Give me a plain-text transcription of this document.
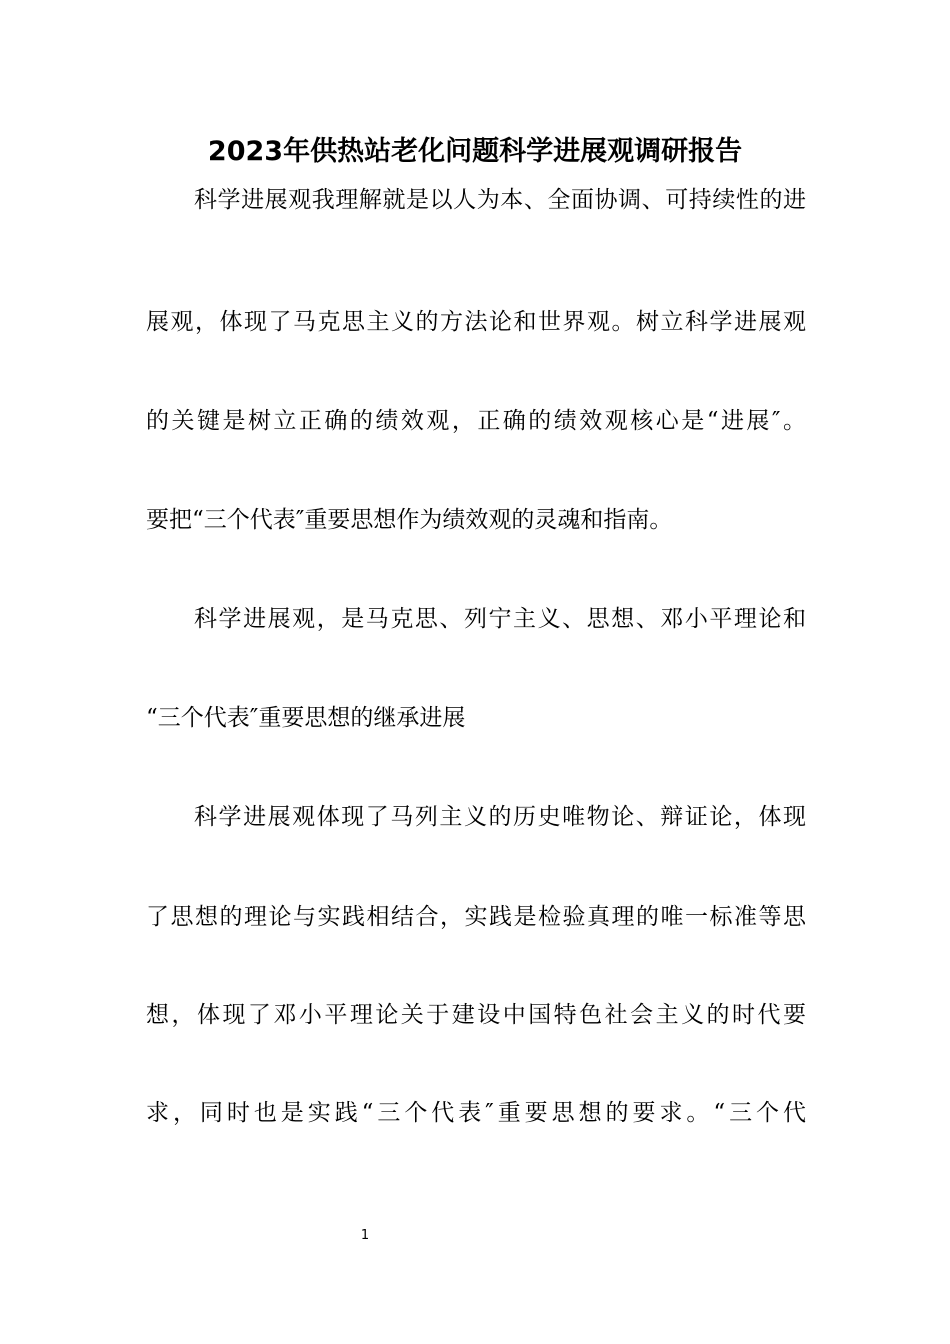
2023年供热站老化问题科学进展观调研报告

科学进展观我理解就是以人为本、全面协调、可持续性的进

展观，体现了马克思主义的方法论和世界观。树立科学进展观

的关键是树立正确的绩效观，正确的绩效观核心是“进展″。

要把“三个代表″重要思想作为绩效观的灵魂和指南。

科学进展观，是马克思、列宁主义、思想、邓小平理论和

“三个代表″重要思想的继承进展

科学进展观体现了马列主义的历史唯物论、辩证论，体现

了思想的理论与实践相结合，实践是检验真理的唯一标准等思

想，体现了邓小平理论关于建设中国特色社会主义的时代要

求，同时也是实践“三个代表″重要思想的要求。“三个代

1
